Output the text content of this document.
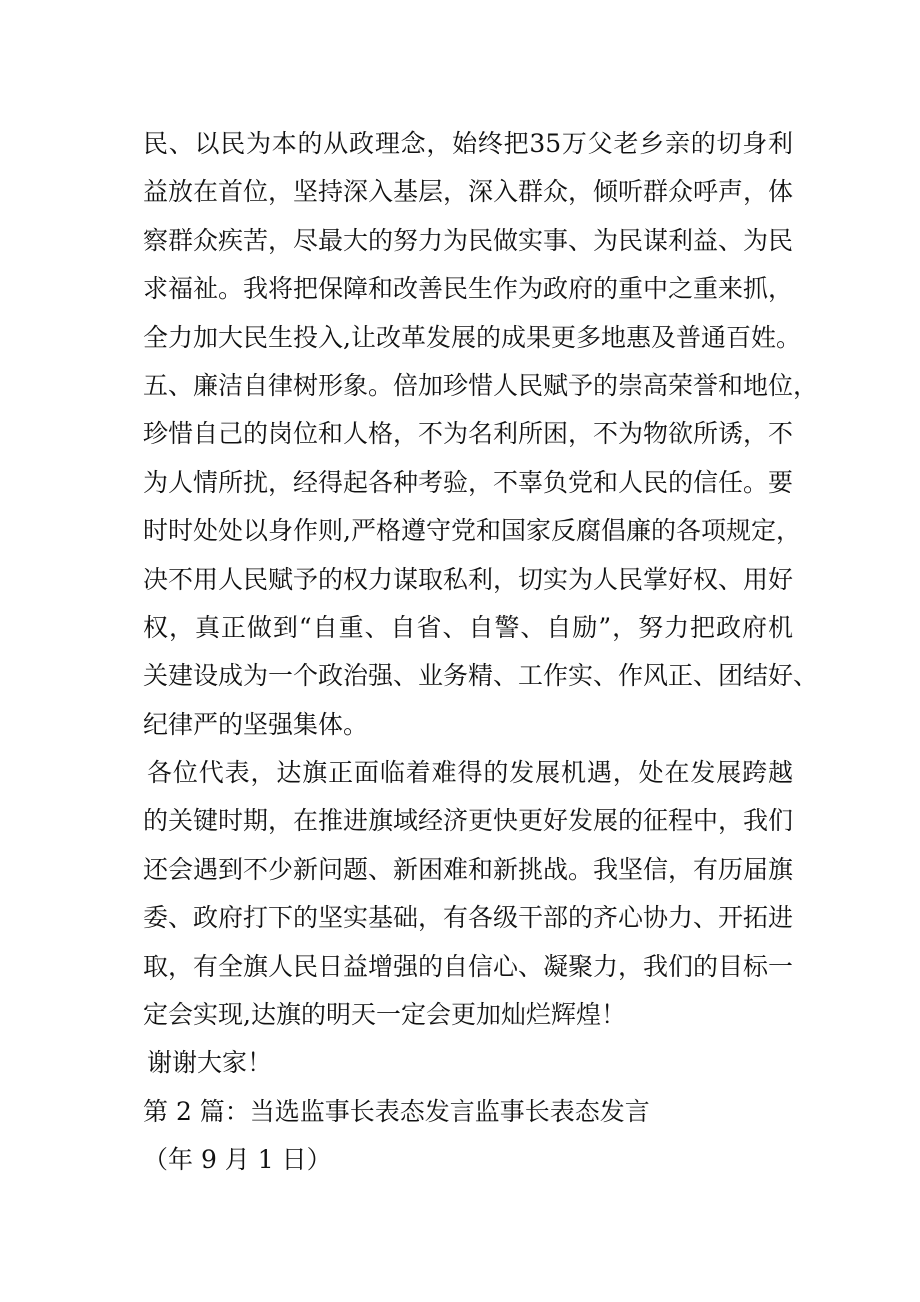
民、以民为本的从政理念，始终把35万父老乡亲的切身利
益放在首位，坚持深入基层，深入群众，倾听群众呼声，体
察群众疾苦，尽最大的努力为民做实事、为民谋利益、为民
求福祉。我将把保障和改善民生作为政府的重中之重来抓，
全力加大民生投入,让改革发展的成果更多地惠及普通百姓。
五、廉洁自律树形象。倍加珍惜人民赋予的崇高荣誉和地位，
珍惜自己的岗位和人格，不为名利所困，不为物欲所诱，不
为人情所扰，经得起各种考验，不辜负党和人民的信任。要
时时处处以身作则,严格遵守党和国家反腐倡廉的各项规定，
决不用人民赋予的权力谋取私利，切实为人民掌好权、用好
权，真正做到“自重、自省、自警、自励”，努力把政府机
关建设成为一个政治强、业务精、工作实、作风正、团结好、
纪律严的坚强集体。
各位代表，达旗正面临着难得的发展机遇，处在发展跨越
的关键时期，在推进旗域经济更快更好发展的征程中，我们
还会遇到不少新问题、新困难和新挑战。我坚信，有历届旗
委、政府打下的坚实基础，有各级干部的齐心协力、开拓进
取，有全旗人民日益增强的自信心、凝聚力，我们的目标一
定会实现,达旗的明天一定会更加灿烂辉煌！
谢谢大家！
第 2 篇：当选监事长表态发言监事长表态发言
（年 9 月 1 日）
